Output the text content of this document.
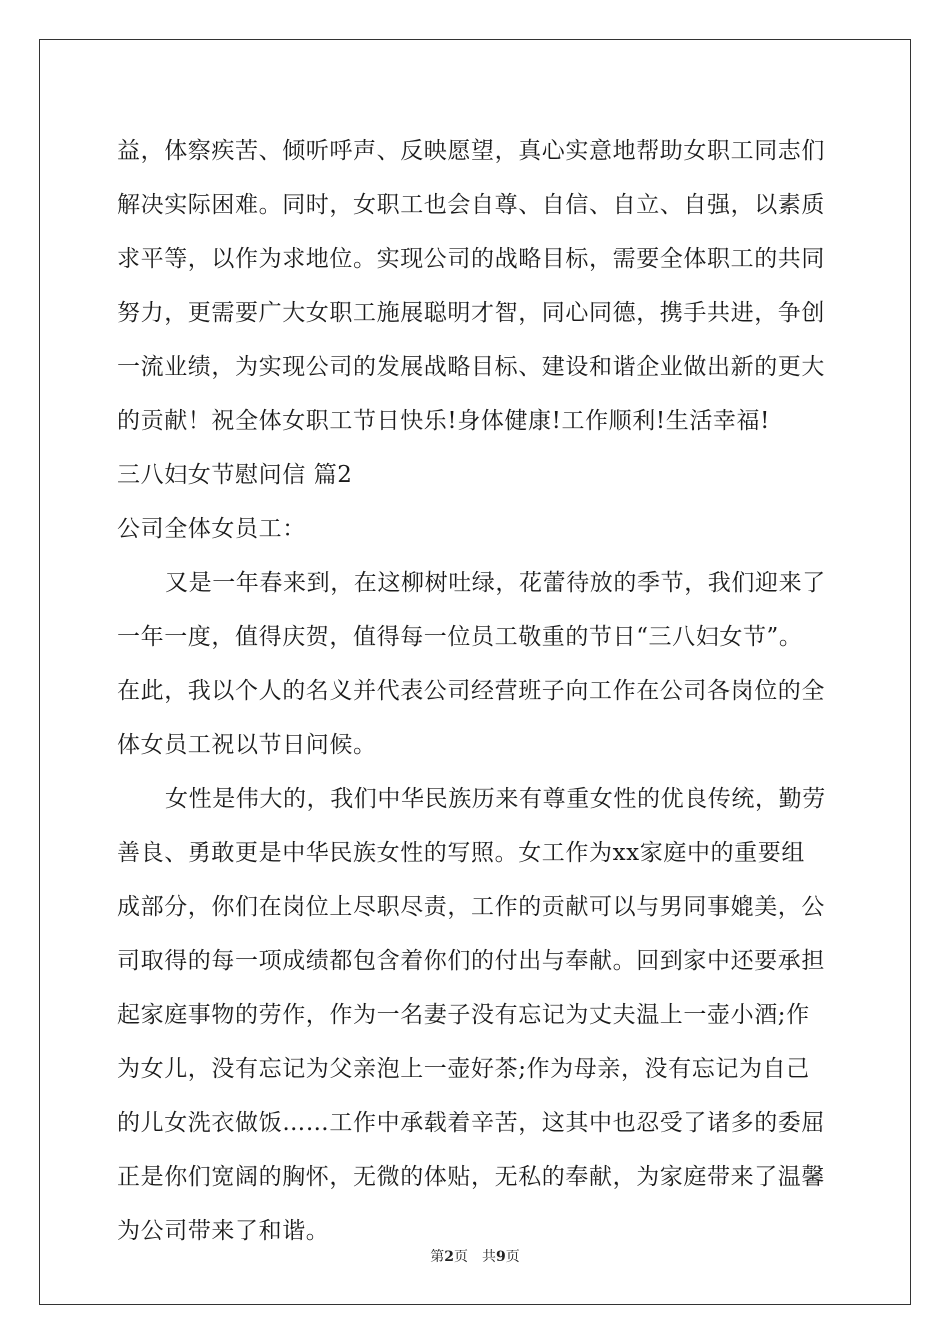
益，体察疾苦、倾听呼声、反映愿望，真心实意地帮助女职工同志们
解决实际困难。同时，女职工也会自尊、自信、自立、自强，以素质
求平等，以作为求地位。实现公司的战略目标，需要全体职工的共同
努力，更需要广大女职工施展聪明才智，同心同德，携手共进，争创
一流业绩，为实现公司的发展战略目标、建设和谐企业做出新的更大
的贡献！祝全体女职工节日快乐!身体健康!工作顺利!生活幸福!
三八妇女节慰问信 篇2
公司全体女员工：
又是一年春来到，在这柳树吐绿，花蕾待放的季节，我们迎来了
一年一度，值得庆贺，值得每一位员工敬重的节日“三八妇女节”。
在此，我以个人的名义并代表公司经营班子向工作在公司各岗位的全
体女员工祝以节日问候。
女性是伟大的，我们中华民族历来有尊重女性的优良传统，勤劳
善良、勇敢更是中华民族女性的写照。女工作为xx家庭中的重要组
成部分，你们在岗位上尽职尽责，工作的贡献可以与男同事媲美，公
司取得的每一项成绩都包含着你们的付出与奉献。回到家中还要承担
起家庭事物的劳作，作为一名妻子没有忘记为丈夫温上一壶小酒;作
为女儿，没有忘记为父亲泡上一壶好茶;作为母亲，没有忘记为自己
的儿女洗衣做饭……工作中承载着辛苦，这其中也忍受了诸多的委屈
正是你们宽阔的胸怀，无微的体贴，无私的奉献，为家庭带来了温馨
为公司带来了和谐。
第2页　共9页
